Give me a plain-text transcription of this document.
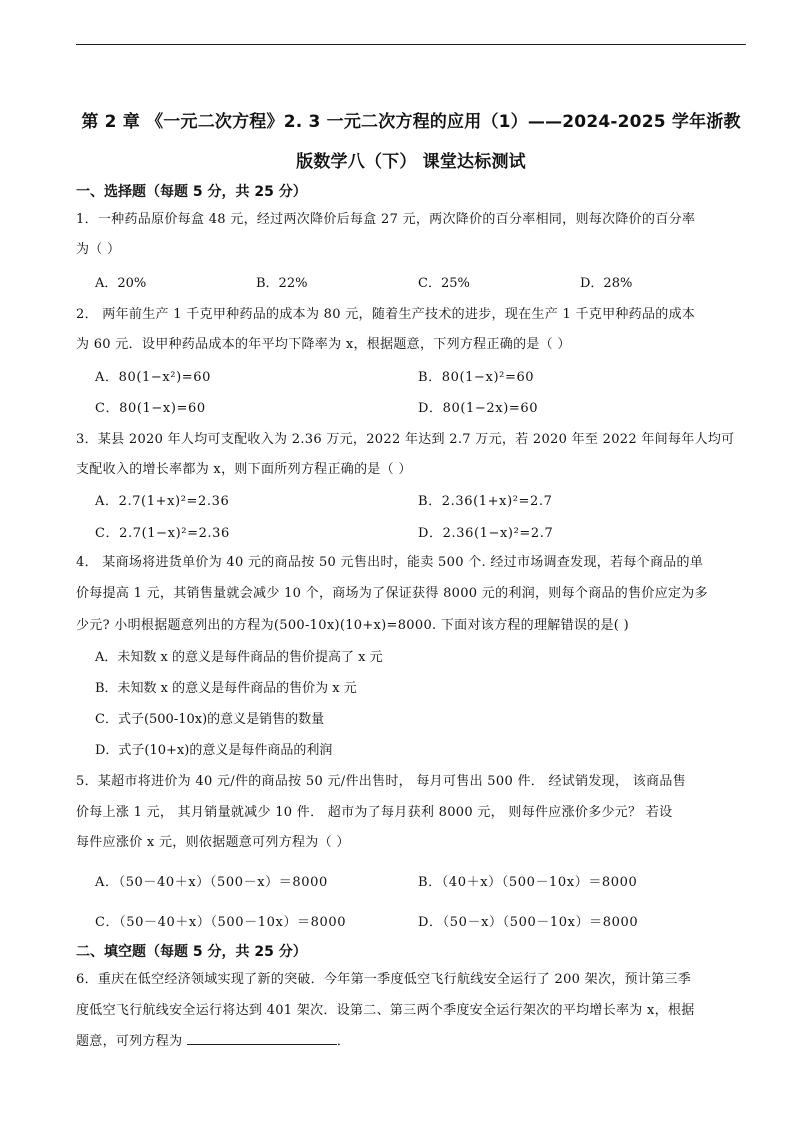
第 2 章 《一元二次方程》2. 3 一元二次方程的应用（1）——2024-2025 学年浙教
版数学八（下） 课堂达标测试
一、选择题（每题 5 分，共 25 分）
1．一种药品原价每盒 48 元，经过两次降价后每盒 27 元，两次降价的百分率相同，则每次降价的百分率
为（ ）
A．20%	B．22%	C．25%	D．28%
2． 两年前生产 1 千克甲种药品的成本为 80 元，随着生产技术的进步，现在生产 1 千克甲种药品的成本
为 60 元．设甲种药品成本的年平均下降率为 x，根据题意，下列方程正确的是（ ）
A．80(1−x²)=60	B．80(1−x)²=60
C．80(1−x)=60	D．80(1−2x)=60
3．某县 2020 年人均可支配收入为 2.36 万元，2022 年达到 2.7 万元，若 2020 年至 2022 年间每年人均可
支配收入的增长率都为 x，则下面所列方程正确的是（ ）
A．2.7(1+x)²=2.36	B．2.36(1+x)²=2.7
C．2.7(1−x)²=2.36	D．2.36(1−x)²=2.7
4． 某商场将进货单价为 40 元的商品按 50 元售出时，能卖 500 个. 经过市场调查发现，若每个商品的单
价每提高 1 元，其销售量就会减少 10 个，商场为了保证获得 8000 元的利润，则每个商品的售价应定为多
少元? 小明根据题意列出的方程为(500-10x)(10+x)=8000. 下面对该方程的理解错误的是( )
A．未知数 x 的意义是每件商品的售价提高了 x 元
B．未知数 x 的意义是每件商品的售价为 x 元
C．式子(500-10x)的意义是销售的数量
D．式子(10+x)的意义是每件商品的利润
5．某超市将进价为 40 元/件的商品按 50 元/件出售时， 每月可售出 500 件． 经试销发现， 该商品售
价每上涨 1 元， 其月销量就减少 10 件． 超市为了每月获利 8000 元， 则每件应涨价多少元？ 若设
每件应涨价 x 元，则依据题意可列方程为（ ）
A．（50－40＋x）（500－x）＝8000	B．（40＋x）（500－10x）＝8000
C．（50－40＋x）（500－10x）＝8000	D．（50－x）（500－10x）＝8000
二、填空题（每题 5 分，共 25 分）
6．重庆在低空经济领域实现了新的突破．今年第一季度低空飞行航线安全运行了 200 架次，预计第三季
度低空飞行航线安全运行将达到 401 架次．设第二、第三两个季度安全运行架次的平均增长率为 x，根据
题意，可列方程为	．
